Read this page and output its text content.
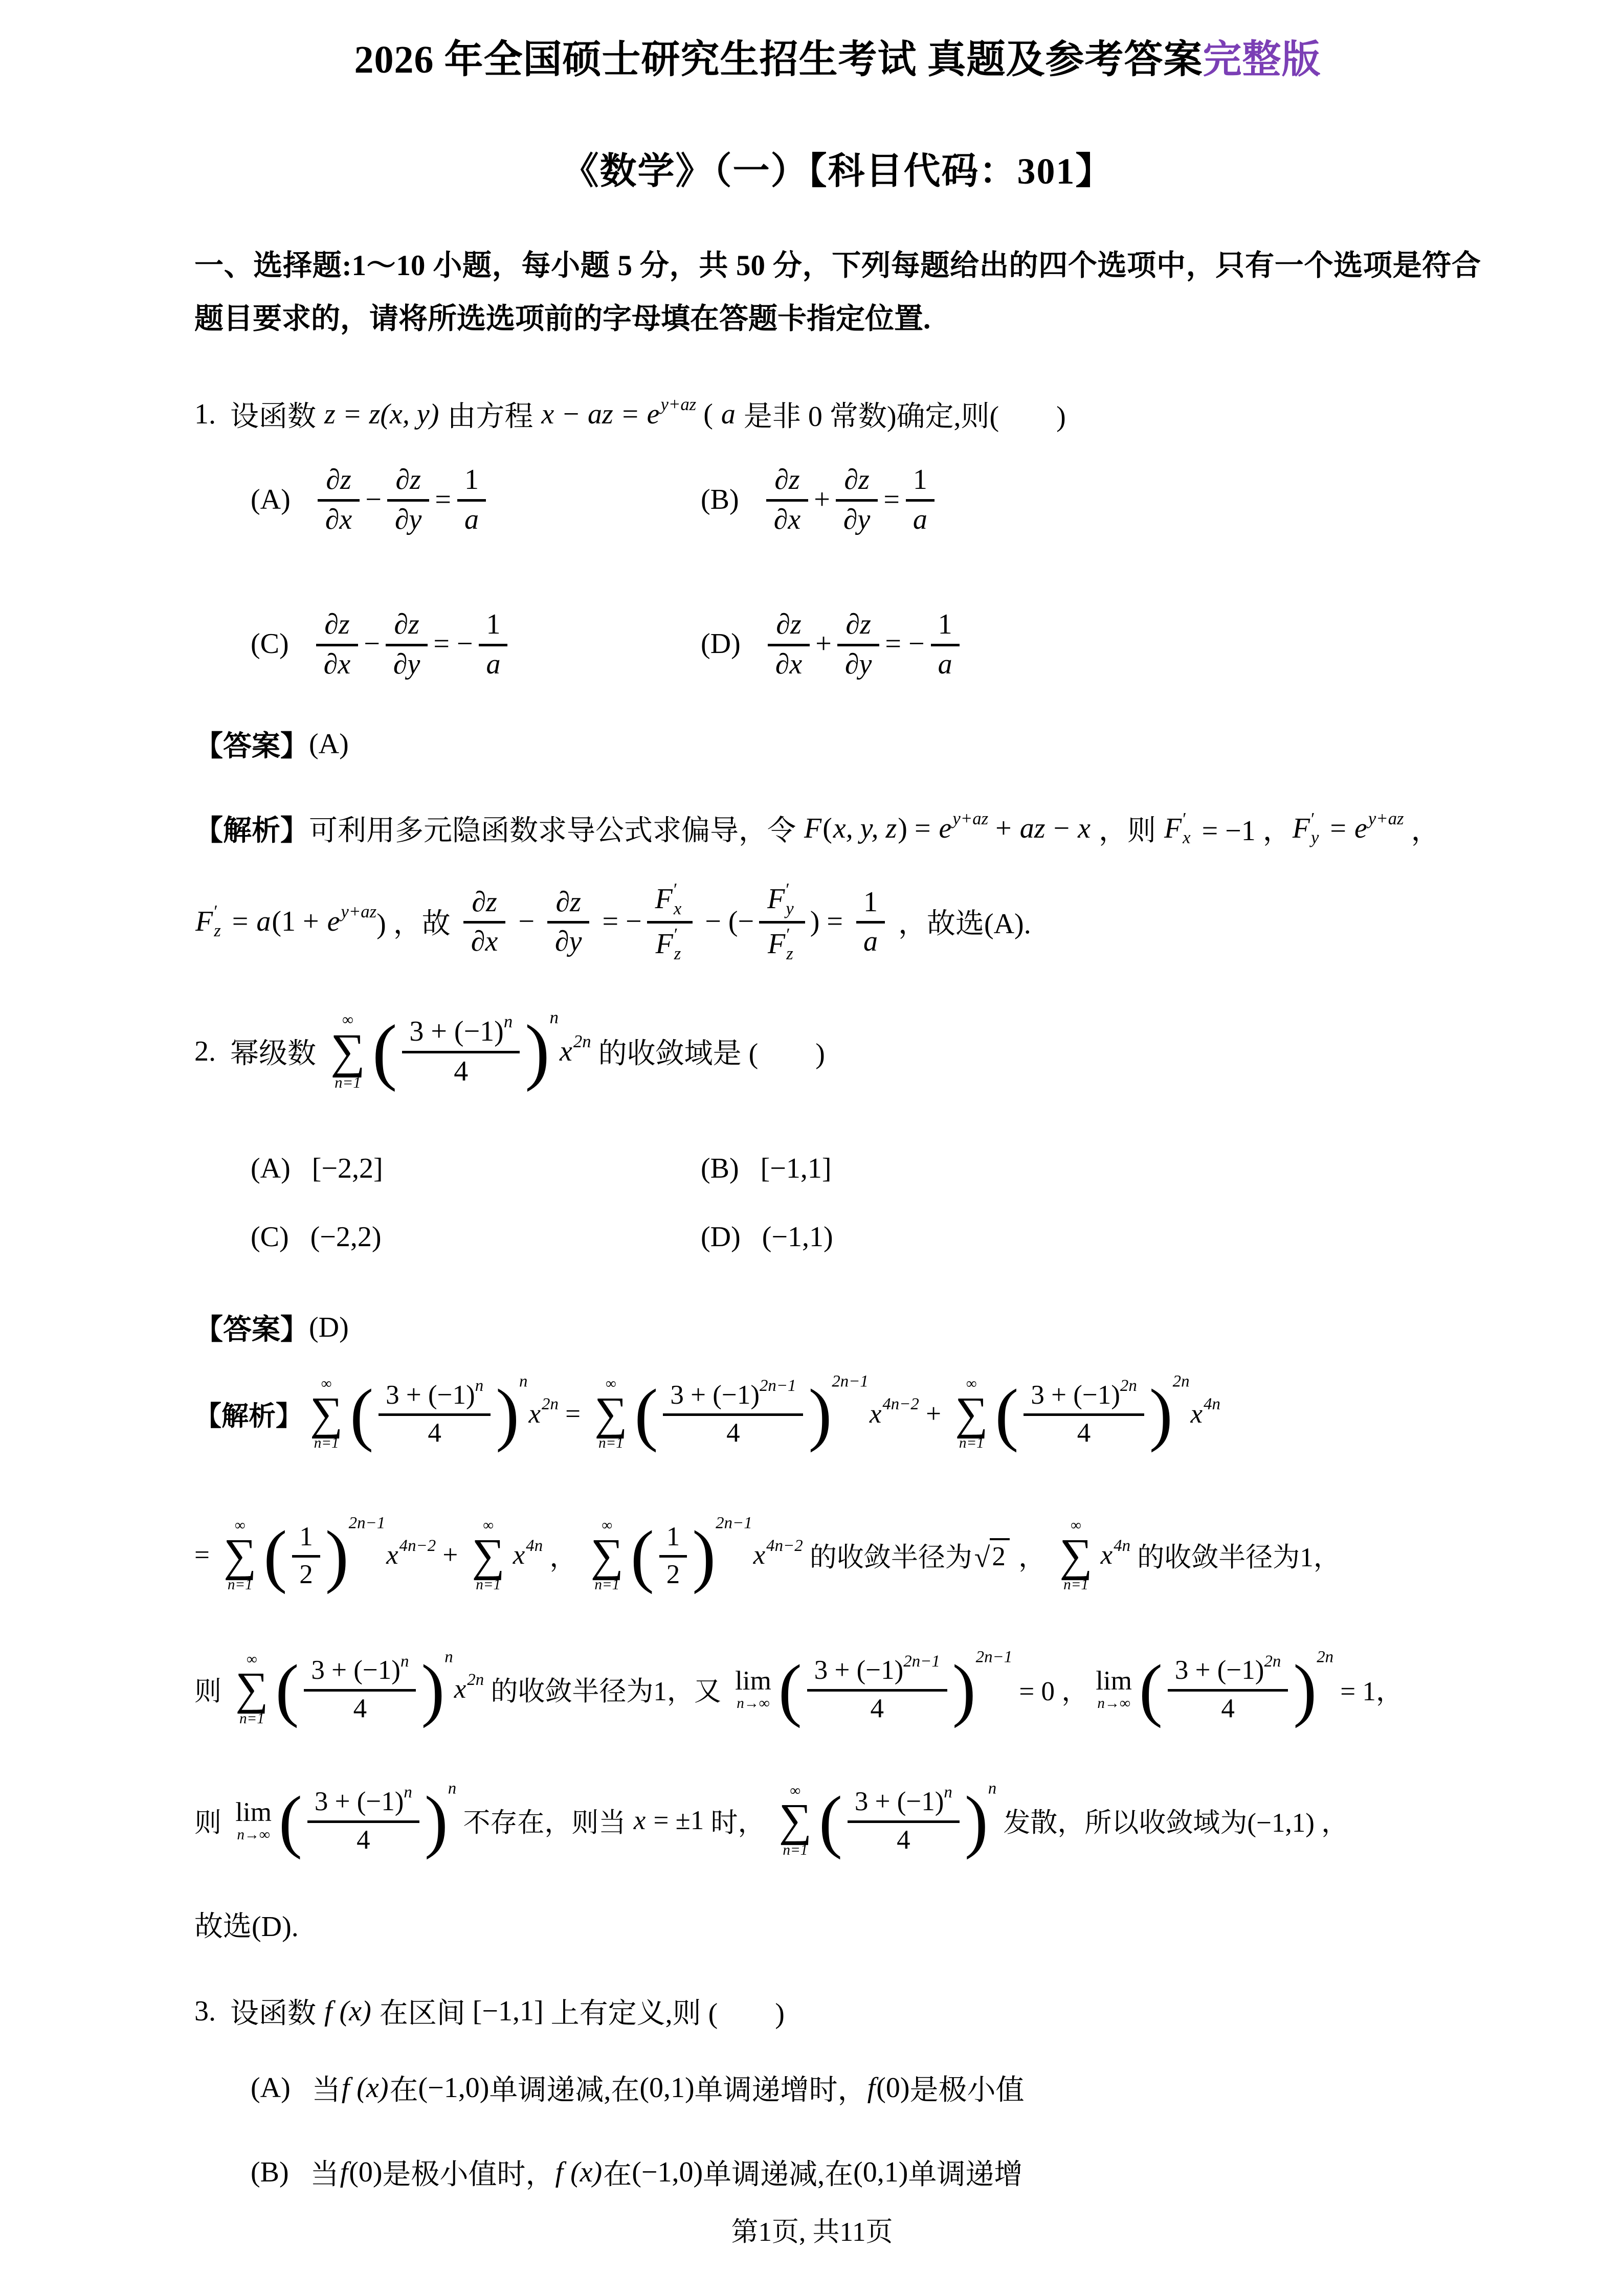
2026 年全国硕士研究生招生考试 真题及参考答案完整版
《数学》（一）【科目代码：301】
一、选择题:1～10 小题，每小题 5 分，共 50 分，下列每题给出的四个选项中，只有一个选项是符合题目要求的，请将所选选项前的字母填在答题卡指定位置.
1. 设函数 z = z(x, y) 由方程 x − az = e y+az ( a 是非 0 常数)确定,则(        )
$(A) \frac{\partial z}{\partial x} - \frac{\partial z}{\partial y} = \frac{1}{a}$	$(B) \frac{\partial z}{\partial x} + \frac{\partial z}{\partial y} = \frac{1}{a}$
$(C) \frac{\partial z}{\partial x} - \frac{\partial z}{\partial y}$ = − $\frac{1}{a}$	$(D) \frac{\partial z}{\partial x} + \frac{\partial z}{\partial y}$ = − $\frac{1}{a}$
【答案】 (A)
【解析】 可利用多元隐函数求导公式求偏导，令 F ( x, y, z ) = e y+az + az − x ，则 F ′
x = −1 ， F ′
y = e y+az ，
F ′
z = a (1 + e y+az ) ， 故 $\frac{\partial z}{\partial x} - \frac{\partial z}{\partial y}$ = − F ′
x
F ′
z − (− F ′
y
F ′
z ) = $\frac{1}{a}$ ，故选(A).
2. 幂级数
∞
∑
n=1 ( $\frac{3 + (-1) n}{4}$ ) n
x 2n 的收敛域是 (        )
(A) [−2,2]	(B) [−1,1]
(C) (−2,2)	(D) (−1,1)
【答案】 (D)
【解析】
∞
∑
n=1 ( $\frac{3 + (-1) n}{4}$ ) n
x 2n =
∞
∑
n=1 ( $\frac{3 + (-1) 2n-1}{4}$ ) 2n−1
x 4n−2 +
∞
∑
n=1 ( $\frac{3 + (-1) 2n}{4}$ ) 2n
x 4n
=
∞
∑
n=1 ( $\frac{1}{2}$ ) 2n−1
x 4n−2 +
∞
∑
n=1
x 4n ，
∞
∑
n=1 ( $\frac{1}{2}$ ) 2n−1
x 4n−2 的收敛半径为 √ 2 ，
∞
∑
n=1
x 4n 的收敛半径为1，
则
∞
∑
n=1 ( $\frac{3 + (-1) n}{4}$ ) n
x 2n 的收敛半径为1，又 lim
n→∞ ( $\frac{3 + (-1) 2n-1}{4}$ ) 2n−1
= 0 ， lim
n→∞ ( $\frac{3 + (-1) 2n}{4}$ ) 2n
= 1，
则 lim
n→∞ ( $\frac{3 + (-1) n}{4}$ ) n
不存在，则当 x = ±1 时，
∞
∑
n=1 ( $\frac{3 + (-1) n}{4}$ ) n
发散，所以收敛域为(−1,1) ，
故选(D).
3. 设函数 f (x) 在区间 [−1,1] 上有定义,则 (        )
(A) 当 f (x) 在 (−1,0) 单调递减,在 (0,1) 单调递增时， f (0) 是极小值
(B) 当 f (0) 是极小值时， f (x) 在 (−1,0) 单调递减,在 (0,1) 单调递增
第1页, 共11页
